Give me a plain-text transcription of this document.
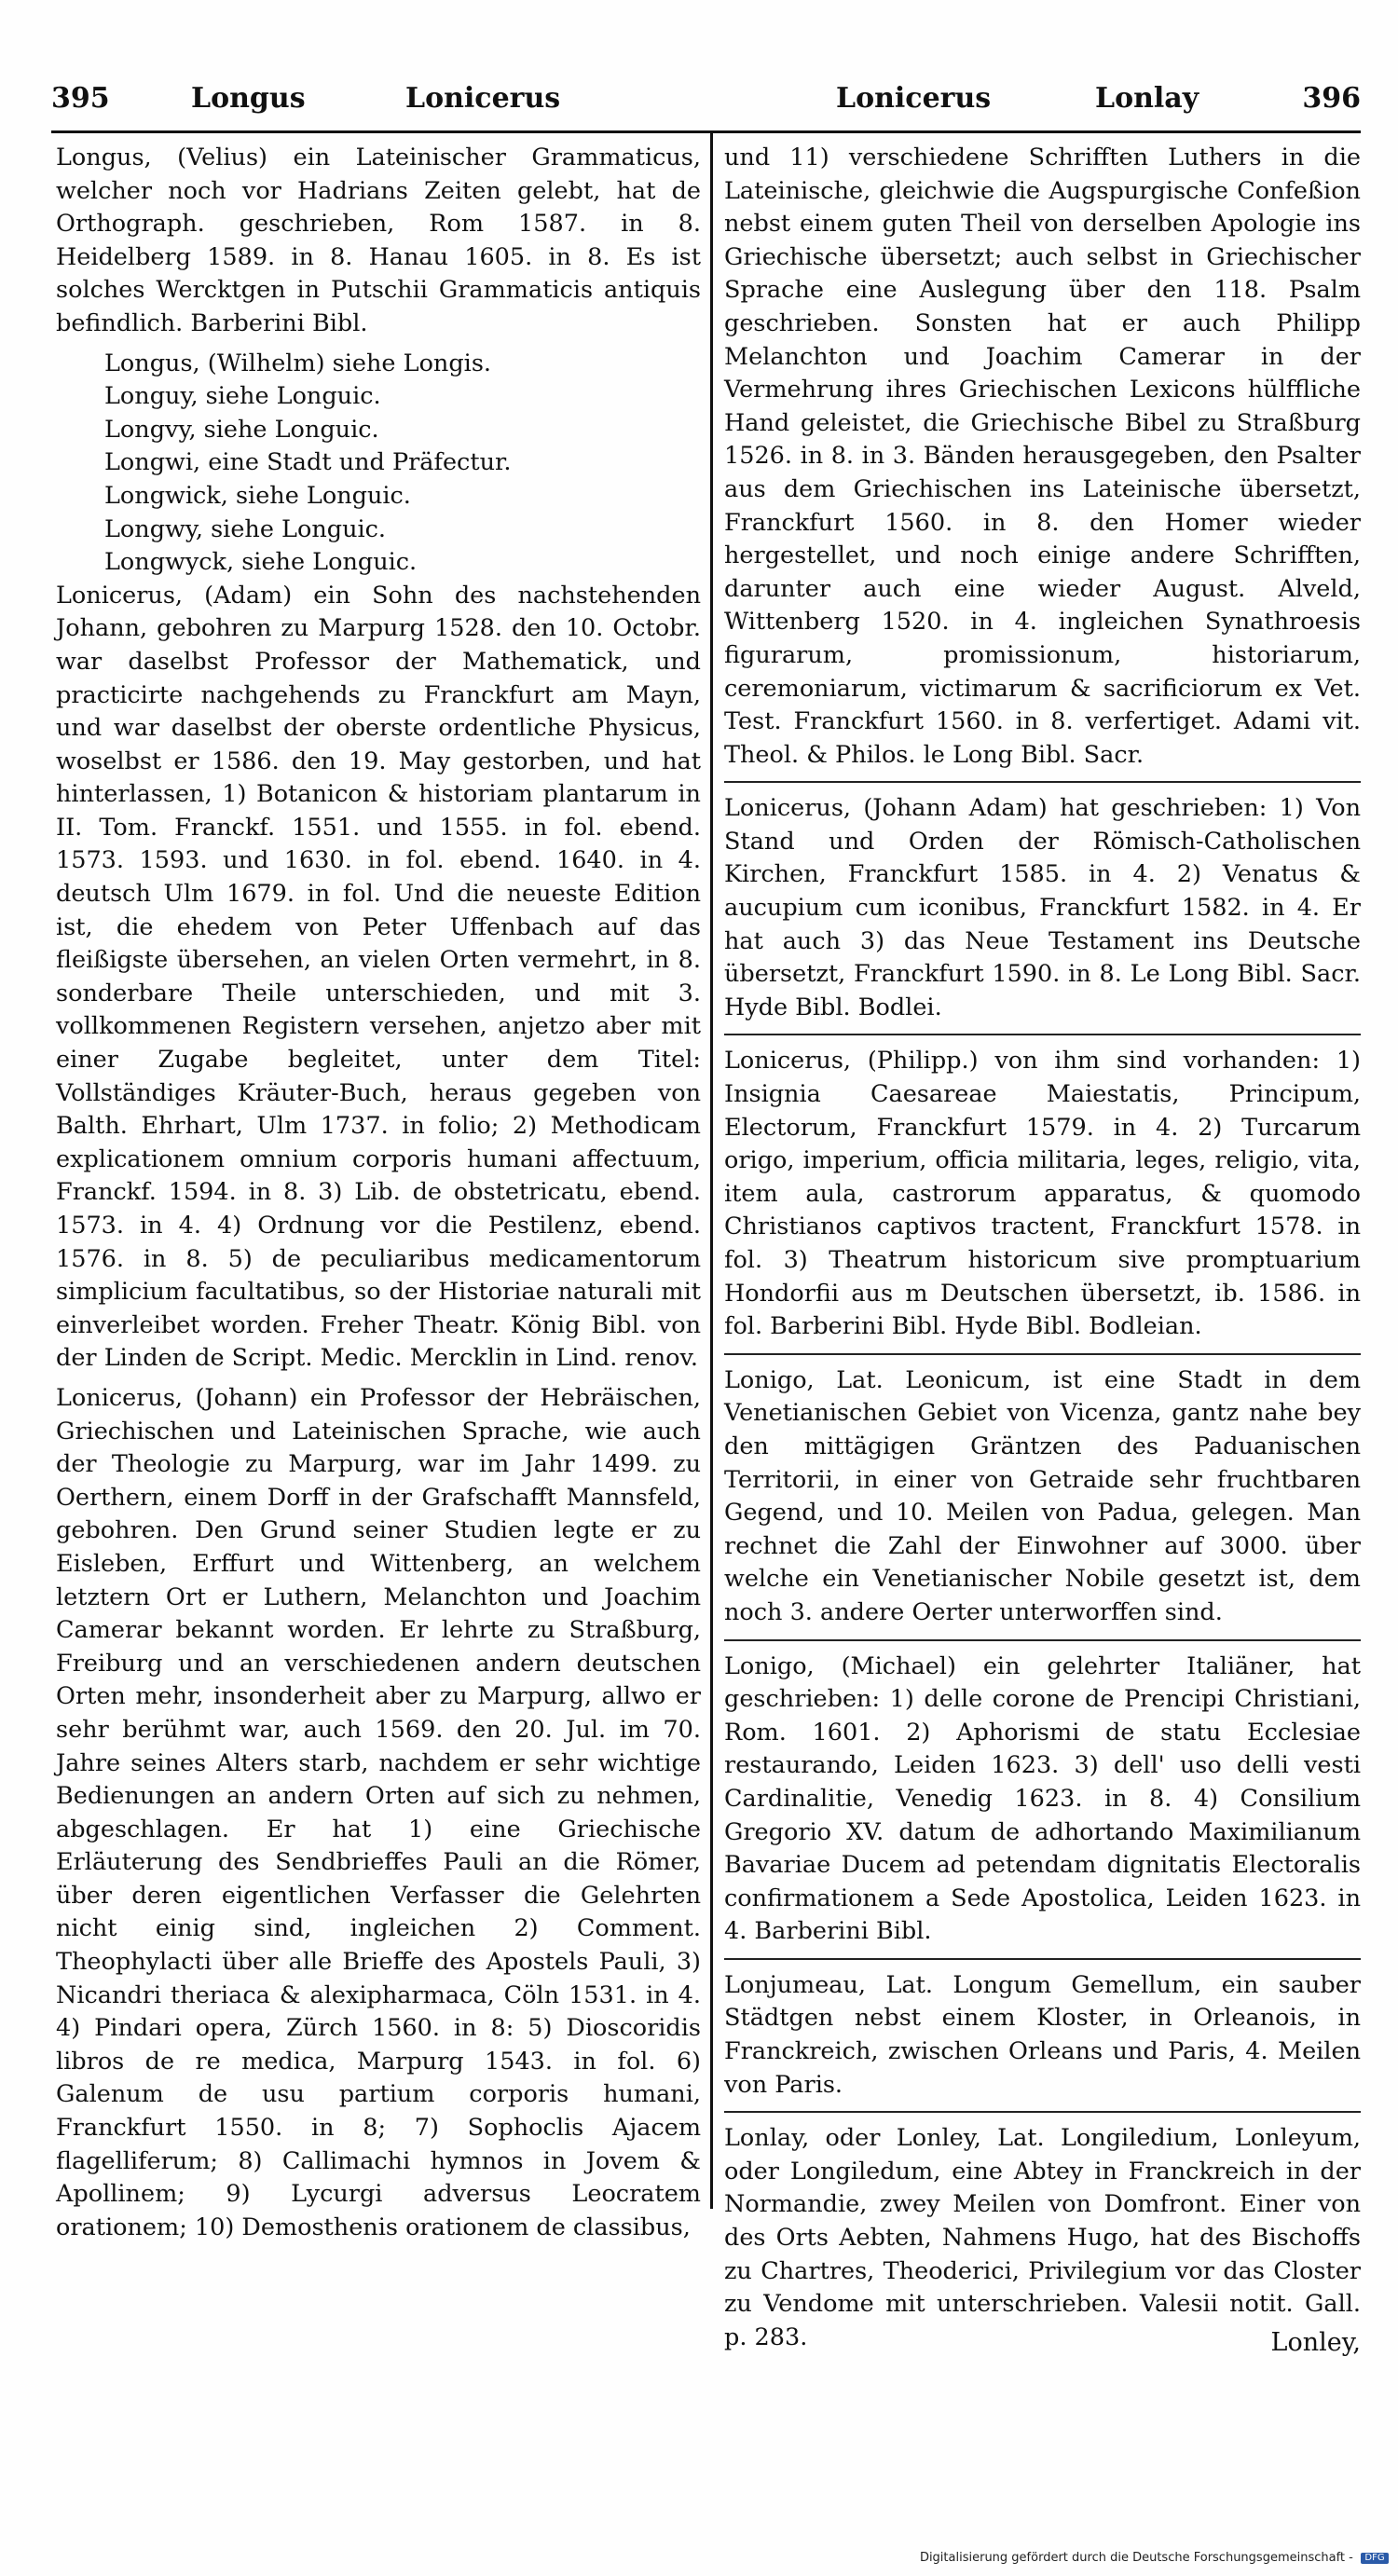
395	Longus	Lonicerus	Lonicerus	Lonlay	396

Longus, (Velius) ein Lateinischer Grammaticus, welcher noch vor Hadrians Zeiten gelebt, hat de Orthograph. geschrieben, Rom 1587. in 8. Heidelberg 1589. in 8. Hanau 1605. in 8. Es ist solches Wercktgen in Putschii Grammaticis antiquis befindlich. Barberini Bibl.

Longus, (Wilhelm) siehe Longis.

Longuy, siehe Longuic.

Longvy, siehe Longuic.

Longwi, eine Stadt und Präfectur.

Longwick, siehe Longuic.

Longwy, siehe Longuic.

Longwyck, siehe Longuic.

Lonicerus, (Adam) ein Sohn des nachstehenden Johann, gebohren zu Marpurg 1528. den 10. Octobr. war daselbst Professor der Mathematick, und practicirte nachgehends zu Franckfurt am Mayn, und war daselbst der oberste ordentliche Physicus, woselbst er 1586. den 19. May gestorben, und hat hinterlassen, 1) Botanicon & historiam plantarum in II. Tom. Franckf. 1551. und 1555. in fol. ebend. 1573. 1593. und 1630. in fol. ebend. 1640. in 4. deutsch Ulm 1679. in fol. Und die neueste Edition ist, die ehedem von Peter Uffenbach auf das fleißigste übersehen, an vielen Orten vermehrt, in 8. sonderbare Theile unterschieden, und mit 3. vollkommenen Registern versehen, anjetzo aber mit einer Zugabe begleitet, unter dem Titel: Vollständiges Kräuter-Buch, heraus gegeben von Balth. Ehrhart, Ulm 1737. in folio; 2) Methodicam explicationem omnium corporis humani affectuum, Franckf. 1594. in 8. 3) Lib. de obstetricatu, ebend. 1573. in 4. 4) Ordnung vor die Pestilenz, ebend. 1576. in 8. 5) de peculiaribus medicamentorum simplicium facultatibus, so der Historiae naturali mit einverleibet worden. Freher Theatr. König Bibl. von der Linden de Script. Medic. Mercklin in Lind. renov.

Lonicerus, (Johann) ein Professor der Hebräischen, Griechischen und Lateinischen Sprache, wie auch der Theologie zu Marpurg, war im Jahr 1499. zu Oerthern, einem Dorff in der Grafschafft Mannsfeld, gebohren. Den Grund seiner Studien legte er zu Eisleben, Erffurt und Wittenberg, an welchem letztern Ort er Luthern, Melanchton und Joachim Camerar bekannt worden. Er lehrte zu Straßburg, Freiburg und an verschiedenen andern deutschen Orten mehr, insonderheit aber zu Marpurg, allwo er sehr berühmt war, auch 1569. den 20. Jul. im 70. Jahre seines Alters starb, nachdem er sehr wichtige Bedienungen an andern Orten auf sich zu nehmen, abgeschlagen. Er hat 1) eine Griechische Erläuterung des Sendbrieffes Pauli an die Römer, über deren eigentlichen Verfasser die Gelehrten nicht einig sind, ingleichen 2) Comment. Theophylacti über alle Brieffe des Apostels Pauli, 3) Nicandri theriaca & alexipharmaca, Cöln 1531. in 4. 4) Pindari opera, Zürch 1560. in 8: 5) Dioscoridis libros de re medica, Marpurg 1543. in fol. 6) Galenum de usu partium corporis humani, Franckfurt 1550. in 8; 7) Sophoclis Ajacem flagelliferum; 8) Callimachi hymnos in Jovem & Apollinem; 9) Lycurgi adversus Leocratem orationem; 10) Demosthenis orationem de classibus,

und 11) verschiedene Schrifften Luthers in die Lateinische, gleichwie die Augspurgische Confeßion nebst einem guten Theil von derselben Apologie ins Griechische übersetzt; auch selbst in Griechischer Sprache eine Auslegung über den 118. Psalm geschrieben. Sonsten hat er auch Philipp Melanchton und Joachim Camerar in der Vermehrung ihres Griechischen Lexicons hülffliche Hand geleistet, die Griechische Bibel zu Straßburg 1526. in 8. in 3. Bänden herausgegeben, den Psalter aus dem Griechischen ins Lateinische übersetzt, Franckfurt 1560. in 8. den Homer wieder hergestellet, und noch einige andere Schrifften, darunter auch eine wieder August. Alveld, Wittenberg 1520. in 4. ingleichen Synathroesis figurarum, promissionum, historiarum, ceremoniarum, victimarum & sacrificiorum ex Vet. Test. Franckfurt 1560. in 8. verfertiget. Adami vit. Theol. & Philos. le Long Bibl. Sacr.

Lonicerus, (Johann Adam) hat geschrieben: 1) Von Stand und Orden der Römisch-Catholischen Kirchen, Franckfurt 1585. in 4. 2) Venatus & aucupium cum iconibus, Franckfurt 1582. in 4. Er hat auch 3) das Neue Testament ins Deutsche übersetzt, Franckfurt 1590. in 8. Le Long Bibl. Sacr. Hyde Bibl. Bodlei.

Lonicerus, (Philipp.) von ihm sind vorhanden: 1) Insignia Caesareae Maiestatis, Principum, Electorum, Franckfurt 1579. in 4. 2) Turcarum origo, imperium, officia militaria, leges, religio, vita, item aula, castrorum apparatus, & quomodo Christianos captivos tractent, Franckfurt 1578. in fol. 3) Theatrum historicum sive promptuarium Hondorfii aus m Deutschen übersetzt, ib. 1586. in fol. Barberini Bibl. Hyde Bibl. Bodleian.

Lonigo, Lat. Leonicum, ist eine Stadt in dem Venetianischen Gebiet von Vicenza, gantz nahe bey den mittägigen Gräntzen des Paduanischen Territorii, in einer von Getraide sehr fruchtbaren Gegend, und 10. Meilen von Padua, gelegen. Man rechnet die Zahl der Einwohner auf 3000. über welche ein Venetianischer Nobile gesetzt ist, dem noch 3. andere Oerter unterworffen sind.

Lonigo, (Michael) ein gelehrter Italiäner, hat geschrieben: 1) delle corone de Prencipi Christiani, Rom. 1601. 2) Aphorismi de statu Ecclesiae restaurando, Leiden 1623. 3) dell' uso delli vesti Cardinalitie, Venedig 1623. in 8. 4) Consilium Gregorio XV. datum de adhortando Maximilianum Bavariae Ducem ad petendam dignitatis Electoralis confirmationem a Sede Apostolica, Leiden 1623. in 4. Barberini Bibl.

Lonjumeau, Lat. Longum Gemellum, ein sauber Städtgen nebst einem Kloster, in Orleanois, in Franckreich, zwischen Orleans und Paris, 4. Meilen von Paris.

Lonlay, oder Lonley, Lat. Longiledium, Lonleyum, oder Longiledum, eine Abtey in Franckreich in der Normandie, zwey Meilen von Domfront. Einer von des Orts Aebten, Nahmens Hugo, hat des Bischoffs zu Chartres, Theoderici, Privilegium vor das Closter zu Vendome mit unterschrieben. Valesii notit. Gall. p. 283.	Lonley,
Digitalisierung gefördert durch die Deutsche Forschungsgemeinschaft - DFG
